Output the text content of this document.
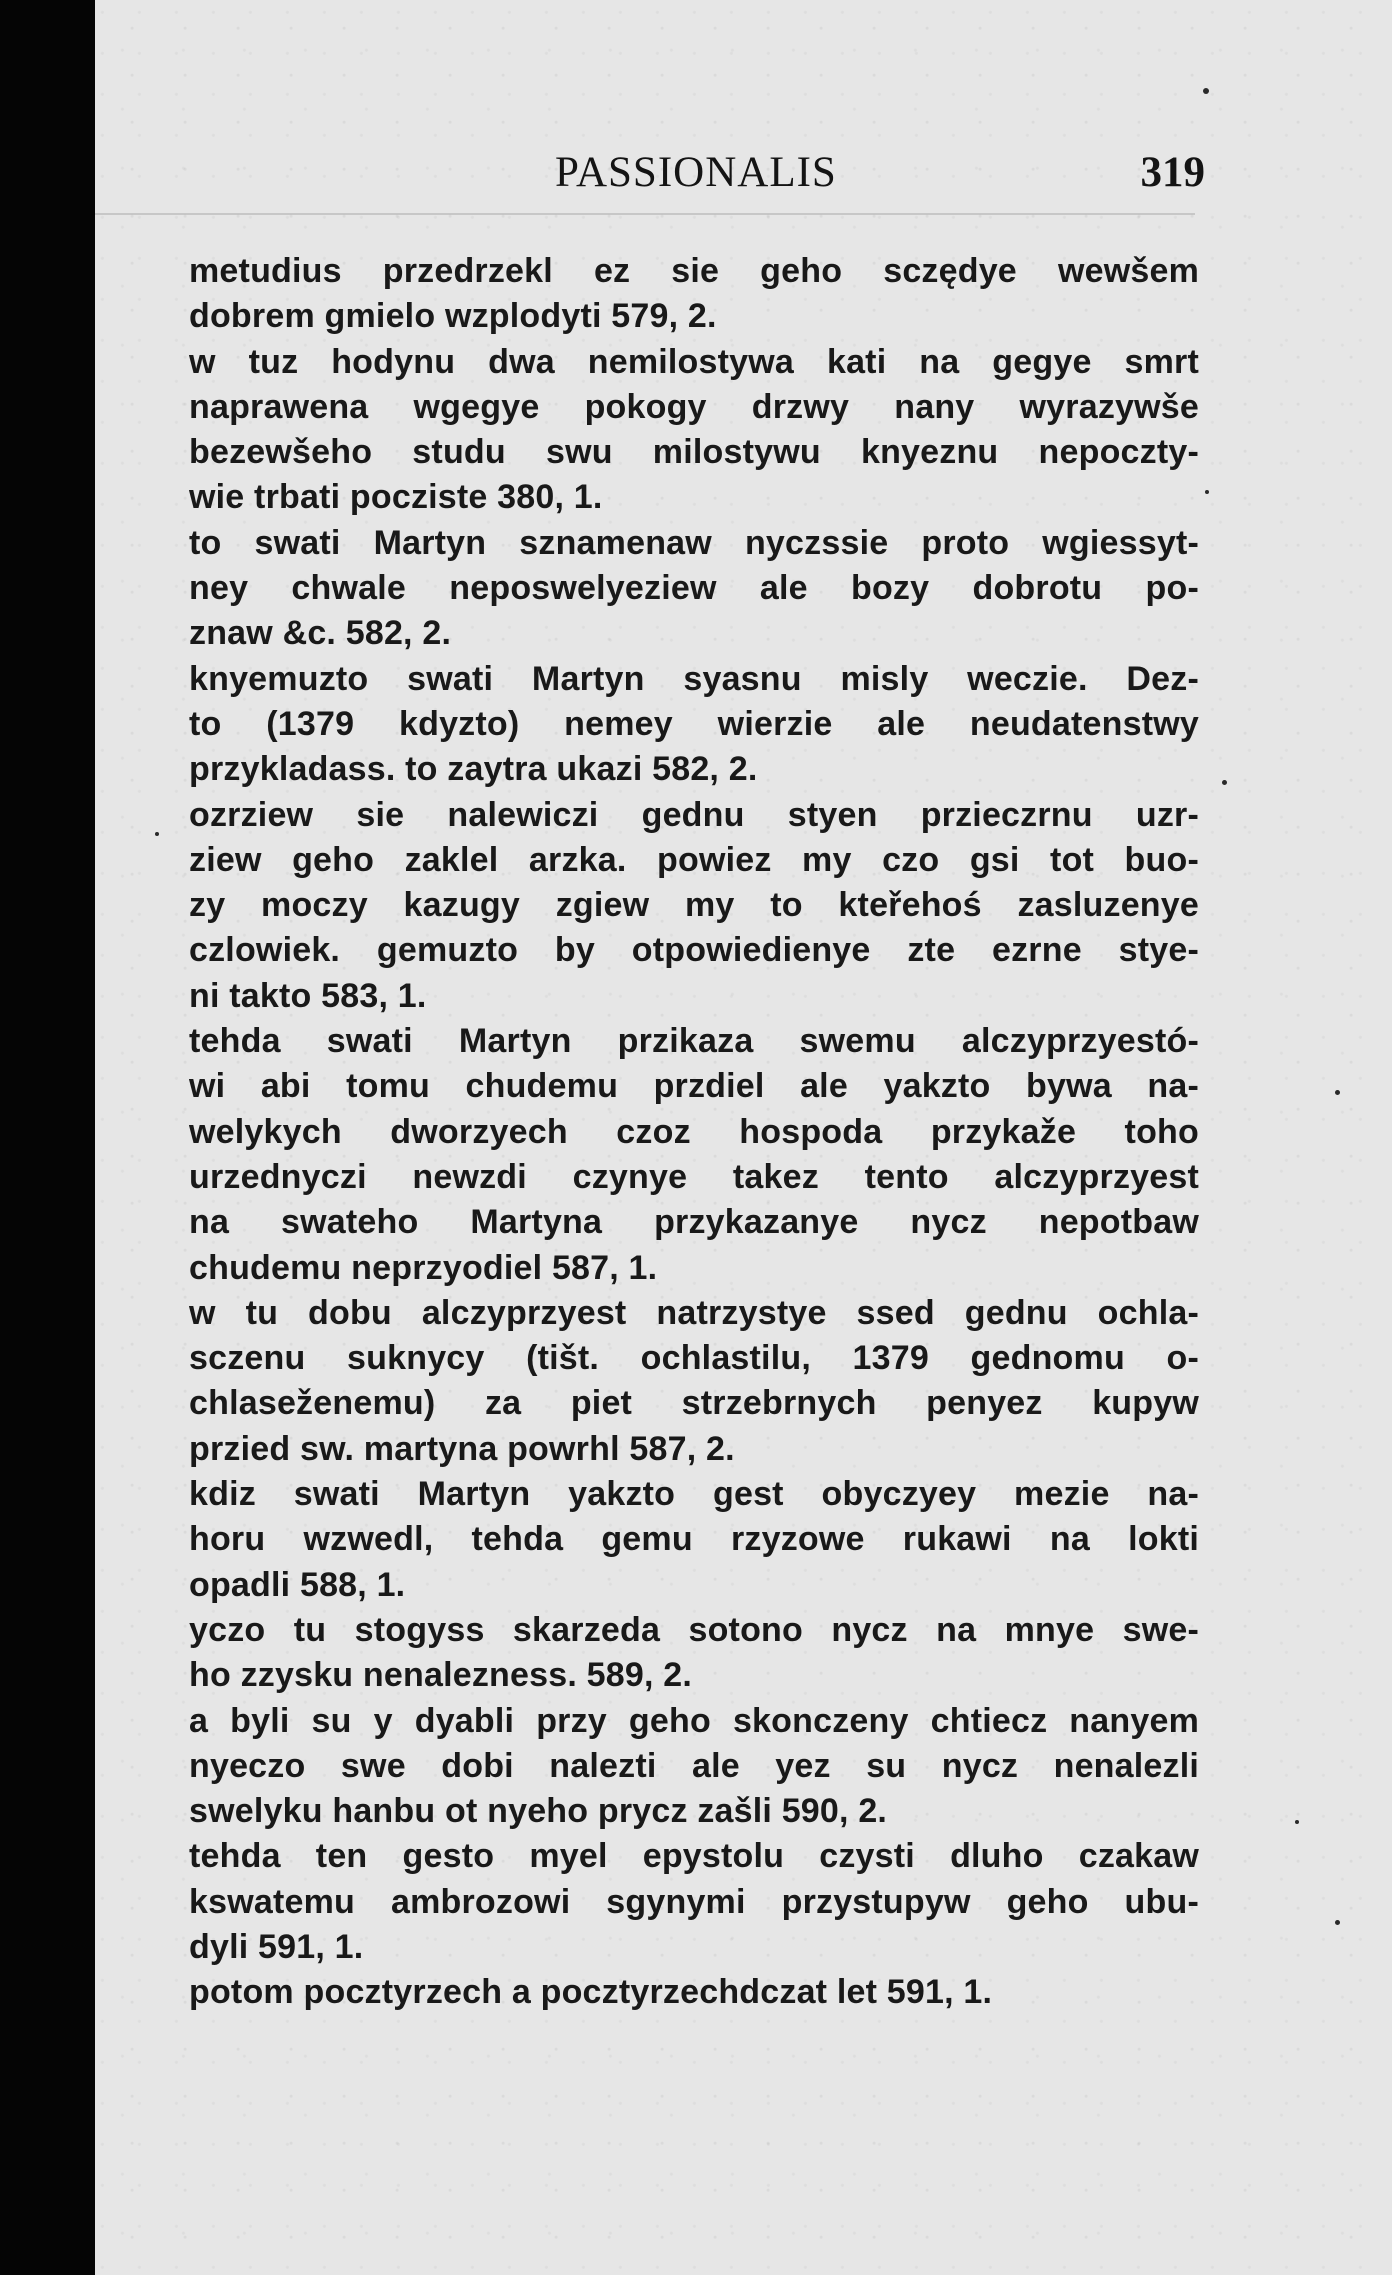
PASSIONALIS	319
metudius przedrzekl ez sie geho sczędye wewšem
dobrem gmielo wzplodyti 579, 2.
w tuz hodynu dwa nemilostywa kati na gegye smrt
naprawena wgegye pokogy drzwy nany wyrazywše
bezewšeho studu swu milostywu knyeznu nepoczty-
wie trbati pocziste 380, 1.
to swati Martyn sznamenaw nyczssie proto wgiessyt-
ney chwale neposwelyeziew ale bozy dobrotu po-
znaw &c. 582, 2.
knyemuzto swati Martyn syasnu misly weczie. Dez-
to (1379 kdyzto) nemey wierzie ale neudatenstwy
przykladass. to zaytra ukazi 582, 2.
ozrziew sie nalewiczi gednu styen przieczrnu uzr-
ziew geho zaklel arzka. powiez my czo gsi tot buo-
zy moczy kazugy zgiew my to kteřehoś zasluzenye
czlowiek. gemuzto by otpowiedienye zte ezrne stye-
ni takto 583, 1.
tehda swati Martyn przikaza swemu alczyprzyestó-
wi abi tomu chudemu przdiel ale yakzto bywa na-
welykych dworzyech czoz hospoda przykaže toho
urzednyczi newzdi czynye takez tento alczyprzyest
na swateho Martyna przykazanye nycz nepotbaw
chudemu neprzyodiel 587, 1.
w tu dobu alczyprzyest natrzystye ssed gednu ochla-
sczenu suknycy (tišt. ochlastilu, 1379 gednomu o-
chlaseženemu) za piet strzebrnych penyez kupyw
przied sw. martyna powrhl 587, 2.
kdiz swati Martyn yakzto gest obyczyey mezie na-
horu wzwedl, tehda gemu rzyzowe rukawi na lokti
opadli 588, 1.
yczo tu stogyss skarzeda sotono nycz na mnye swe-
ho zzysku nenalezness. 589, 2.
a byli su y dyabli przy geho skonczeny chtiecz nanyem
nyeczo swe dobi nalezti ale yez su nycz nenalezli
swelyku hanbu ot nyeho prycz zašli 590, 2.
tehda ten gesto myel epystolu czysti dluho czakaw
kswatemu ambrozowi sgynymi przystupyw geho ubu-
dyli 591, 1.
potom pocztyrzech a pocztyrzechdczat let 591, 1.
